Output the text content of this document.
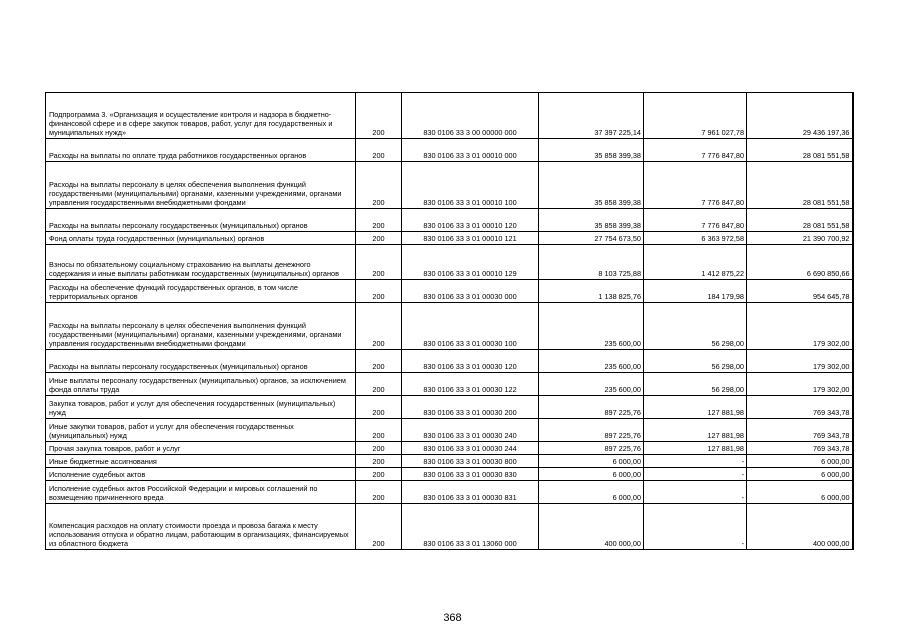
Подпрограмма 3. «Организация и осуществление контроля и надзора в бюджетно-финансовой сфере и в сфере закупок товаров, работ, услуг для государственных и муниципальных нужд»	200	830 0106 33 3 00 00000 000	37 397 225,14	7 961 027,78	29 436 197,36
Расходы на выплаты по оплате труда работников государственных органов	200	830 0106 33 3 01 00010 000	35 858 399,38	7 776 847,80	28 081 551,58
Расходы на выплаты персоналу в целях обеспечения выполнения функций государственными (муниципальными) органами, казенными учреждениями, органами управления государственными внебюджетными фондами	200	830 0106 33 3 01 00010 100	35 858 399,38	7 776 847,80	28 081 551,58
Расходы на выплаты персоналу государственных (муниципальных) органов	200	830 0106 33 3 01 00010 120	35 858 399,38	7 776 847,80	28 081 551,58
Фонд оплаты труда государственных (муниципальных) органов	200	830 0106 33 3 01 00010 121	27 754 673,50	6 363 972,58	21 390 700,92
Взносы по обязательному социальному страхованию на выплаты денежного содержания и иные выплаты работникам государственных (муниципальных) органов	200	830 0106 33 3 01 00010 129	8 103 725,88	1 412 875,22	6 690 850,66
Расходы на обеспечение функций государственных органов, в том числе территориальных органов	200	830 0106 33 3 01 00030 000	1 138 825,76	184 179,98	954 645,78
Расходы на выплаты персоналу в целях обеспечения выполнения функций государственными (муниципальными) органами, казенными учреждениями, органами управления государственными внебюджетными фондами	200	830 0106 33 3 01 00030 100	235 600,00	56 298,00	179 302,00
Расходы на выплаты персоналу государственных (муниципальных) органов	200	830 0106 33 3 01 00030 120	235 600,00	56 298,00	179 302,00
Иные выплаты персоналу государственных (муниципальных) органов, за исключением фонда оплаты труда	200	830 0106 33 3 01 00030 122	235 600,00	56 298,00	179 302,00
Закупка товаров, работ и услуг для обеспечения государственных (муниципальных) нужд	200	830 0106 33 3 01 00030 200	897 225,76	127 881,98	769 343,78
Иные закупки товаров, работ и услуг для обеспечения государственных (муниципальных) нужд	200	830 0106 33 3 01 00030 240	897 225,76	127 881,98	769 343,78
Прочая закупка товаров, работ и услуг	200	830 0106 33 3 01 00030 244	897 225,76	127 881,98	769 343,78
Иные бюджетные ассигнования	200	830 0106 33 3 01 00030 800	6 000,00	-	6 000,00
Исполнение судебных актов	200	830 0106 33 3 01 00030 830	6 000,00	-	6 000,00
Исполнение судебных актов Российской Федерации и мировых соглашений по возмещению причиненного вреда	200	830 0106 33 3 01 00030 831	6 000,00	-	6 000,00
Компенсация расходов на оплату стоимости проезда и провоза багажа к месту использования отпуска и обратно лицам, работающим в организациях, финансируемых из областного бюджета	200	830 0106 33 3 01 13060 000	400 000,00	-	400 000,00
368
